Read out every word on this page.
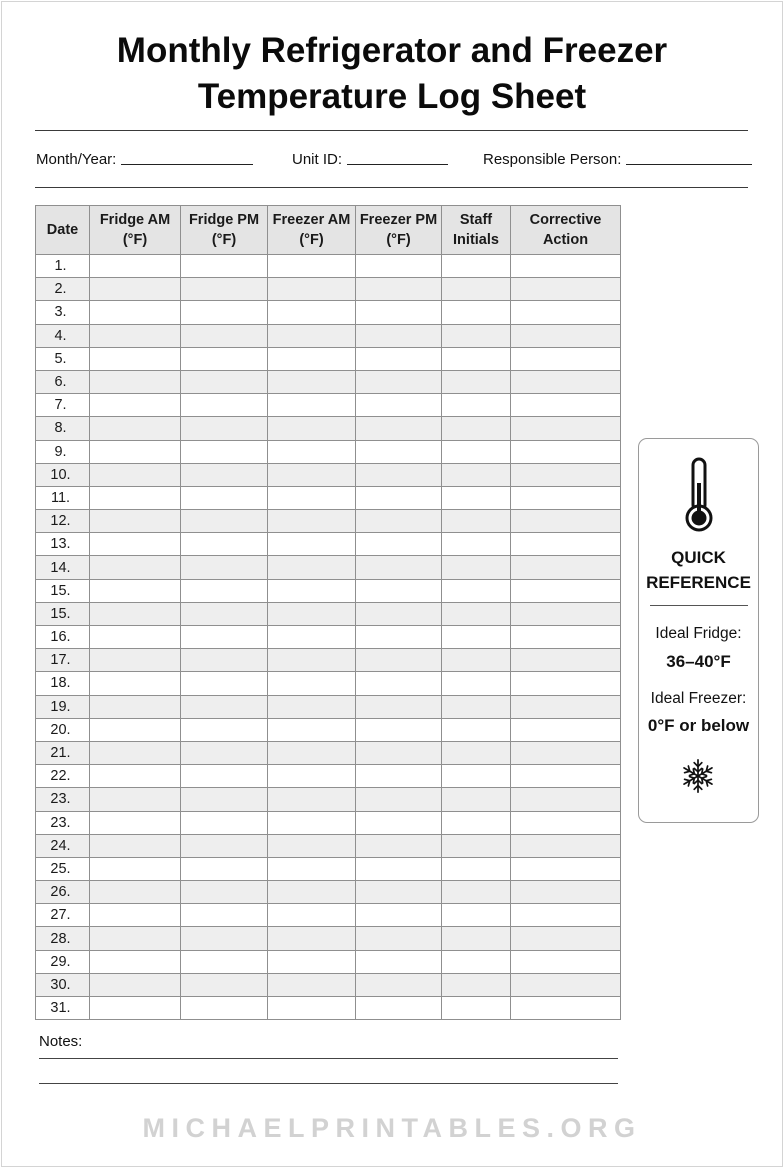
Monthly Refrigerator and Freezer
Temperature Log Sheet
Month/Year:	Unit ID:	Responsible Person:
Date	Fridge AM (°F)	Fridge PM (°F)	Freezer AM (°F)	Freezer PM (°F)	Staff Initials	Corrective Action
1.						
2.						
3.						
4.						
5.						
6.						
7.						
8.						
9.						
10.						
11.						
12.						
13.						
14.						
15.						
15.						
16.						
17.						
18.						
19.						
20.						
21.						
22.						
23.						
23.						
24.						
25.						
26.						
27.						
28.						
29.						
30.						
31.						
Notes:
QUICK
REFERENCE
Ideal Fridge:
36–40°F
Ideal Freezer:
0°F or below
MICHAELPRINTABLES.ORG
